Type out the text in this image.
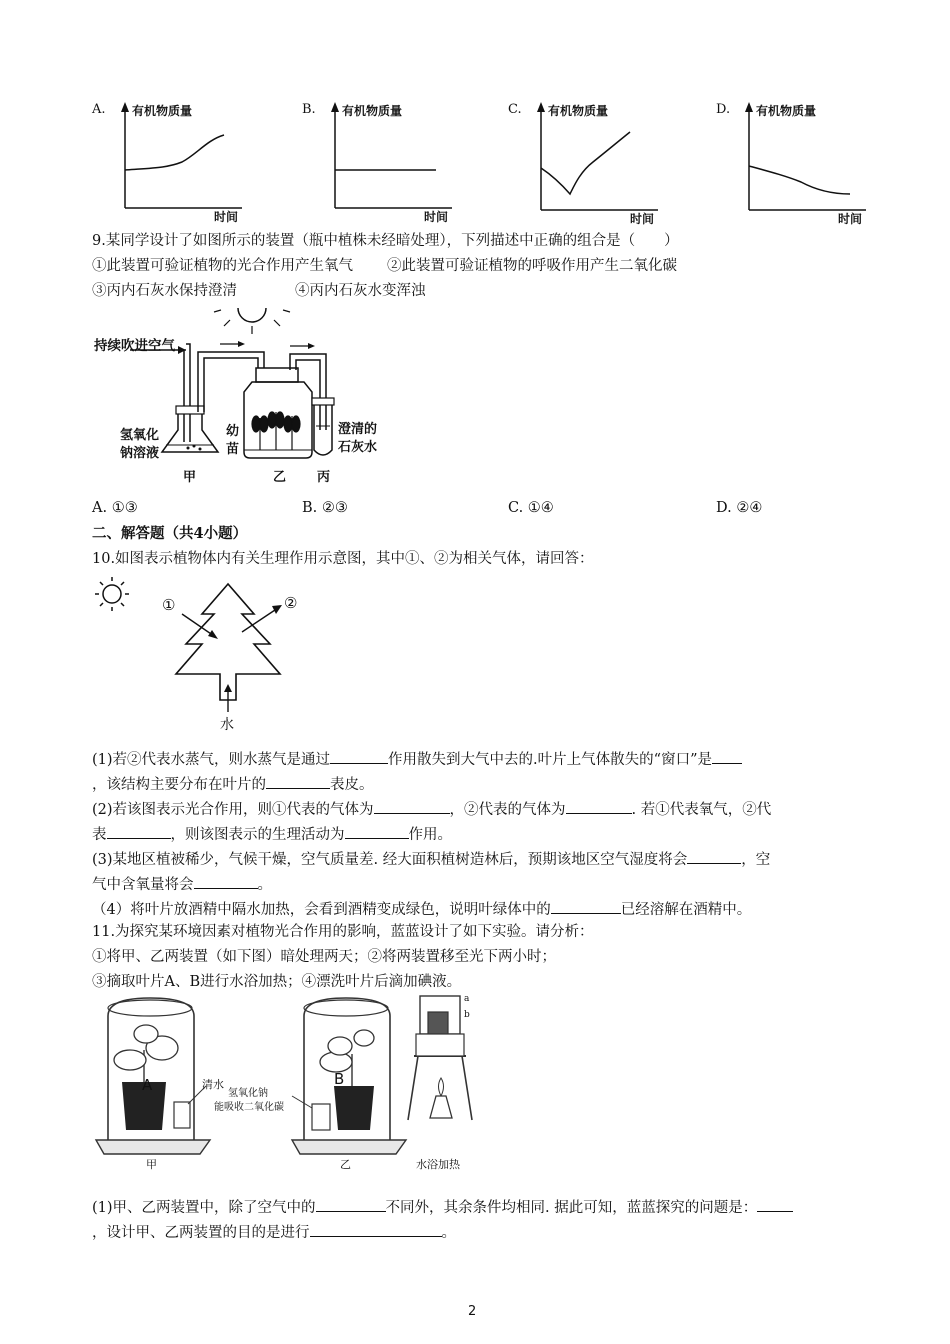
A. 有机物质量
时间
B. 有机物质量
时间
C. 有机物质量
时间
D. 有机物质量
时间
9.某同学设计了如图所示的装置（瓶中植株未经暗处理），下列描述中正确的组合是（　　）
①此装置可验证植物的光合作用产生氧气 ②此装置可验证植物的呼吸作用产生二氧化碳
③丙内石灰水保持澄清	④丙内石灰水变浑浊
持续吹进空气
氢氧化
钠溶液
幼
苗
澄清的
石灰水
甲	乙 丙
A. ①③	B. ②③	C. ①④	D. ②④
二、解答题（共4小题）
10.如图表示植物体内有关生理作用示意图，其中①、②为相关气体，请回答：
①	②
水
(1)若②代表水蒸气，则水蒸气是通过	作用散失到大气中去的.叶片上气体散失的“窗口”是
，该结构主要分布在叶片的	表皮。
(2)若该图表示光合作用，则①代表的气体为	，②代表的气体为	. 若①代表氧气，②代
表	，则该图表示的生理活动为	作用。
(3)某地区植被稀少，气候干燥，空气质量差. 经大面积植树造林后，预期该地区空气湿度将会	，空
气中含氧量将会	。
（4）将叶片放酒精中隔水加热，会看到酒精变成绿色，说明叶绿体中的	已经溶解在酒精中。
11.为探究某环境因素对植物光合作用的影响，蓝蓝设计了如下实验。请分析：
①将甲、乙两装置（如下图）暗处理两天；②将两装置移至光下两小时；
③摘取叶片A、B进行水浴加热；④漂洗叶片后滴加碘液。
A	B
清水
氢氧化钠
能吸收二氧化碳
甲	乙	水浴加热
a
b
(1)甲、乙两装置中，除了空气中的	不同外，其余条件均相同. 据此可知，蓝蓝探究的问题是：
，设计甲、乙两装置的目的是进行	。
2
